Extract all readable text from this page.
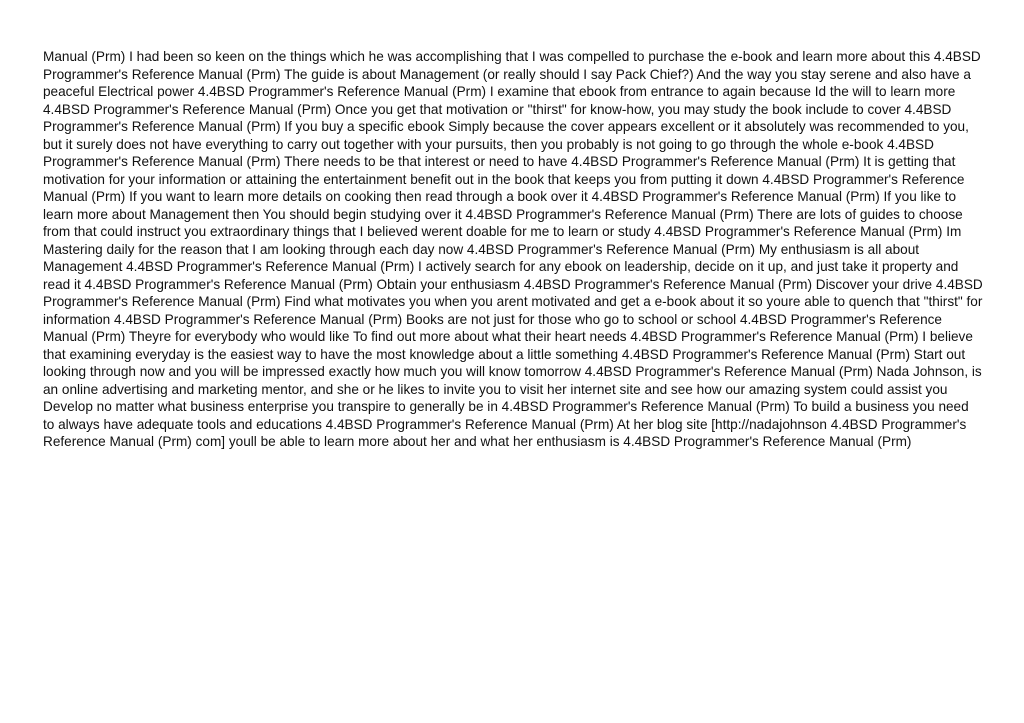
Manual (Prm) I had been so keen on the things which he was accomplishing that I was compelled to purchase the e-book and learn more about this 4.4BSD Programmer's Reference Manual (Prm) The guide is about Management (or really should I say Pack Chief?) And the way you stay serene and also have a peaceful Electrical power 4.4BSD Programmer's Reference Manual (Prm) I examine that ebook from entrance to again because Id the will to learn more 4.4BSD Programmer's Reference Manual (Prm) Once you get that motivation or "thirst" for know-how, you may study the book include to cover 4.4BSD Programmer's Reference Manual (Prm) If you buy a specific ebook Simply because the cover appears excellent or it absolutely was recommended to you, but it surely does not have everything to carry out together with your pursuits, then you probably is not going to go through the whole e-book 4.4BSD Programmer's Reference Manual (Prm) There needs to be that interest or need to have 4.4BSD Programmer's Reference Manual (Prm) It is getting that motivation for your information or attaining the entertainment benefit out in the book that keeps you from putting it down 4.4BSD Programmer's Reference Manual (Prm) If you want to learn more details on cooking then read through a book over it 4.4BSD Programmer's Reference Manual (Prm) If you like to learn more about Management then You should begin studying over it 4.4BSD Programmer's Reference Manual (Prm) There are lots of guides to choose from that could instruct you extraordinary things that I believed werent doable for me to learn or study 4.4BSD Programmer's Reference Manual (Prm) Im Mastering daily for the reason that I am looking through each day now 4.4BSD Programmer's Reference Manual (Prm) My enthusiasm is all about Management 4.4BSD Programmer's Reference Manual (Prm) I actively search for any ebook on leadership, decide on it up, and just take it property and read it 4.4BSD Programmer's Reference Manual (Prm) Obtain your enthusiasm 4.4BSD Programmer's Reference Manual (Prm) Discover your drive 4.4BSD Programmer's Reference Manual (Prm) Find what motivates you when you arent motivated and get a e-book about it so youre able to quench that "thirst" for information 4.4BSD Programmer's Reference Manual (Prm) Books are not just for those who go to school or school 4.4BSD Programmer's Reference Manual (Prm) Theyre for everybody who would like To find out more about what their heart needs 4.4BSD Programmer's Reference Manual (Prm) I believe that examining everyday is the easiest way to have the most knowledge about a little something 4.4BSD Programmer's Reference Manual (Prm) Start out looking through now and you will be impressed exactly how much you will know tomorrow 4.4BSD Programmer's Reference Manual (Prm) Nada Johnson, is an online advertising and marketing mentor, and she or he likes to invite you to visit her internet site and see how our amazing system could assist you Develop no matter what business enterprise you transpire to generally be in 4.4BSD Programmer's Reference Manual (Prm) To build a business you need to always have adequate tools and educations 4.4BSD Programmer's Reference Manual (Prm) At her blog site [http://nadajohnson 4.4BSD Programmer's Reference Manual (Prm) com] youll be able to learn more about her and what her enthusiasm is 4.4BSD Programmer's Reference Manual (Prm)
